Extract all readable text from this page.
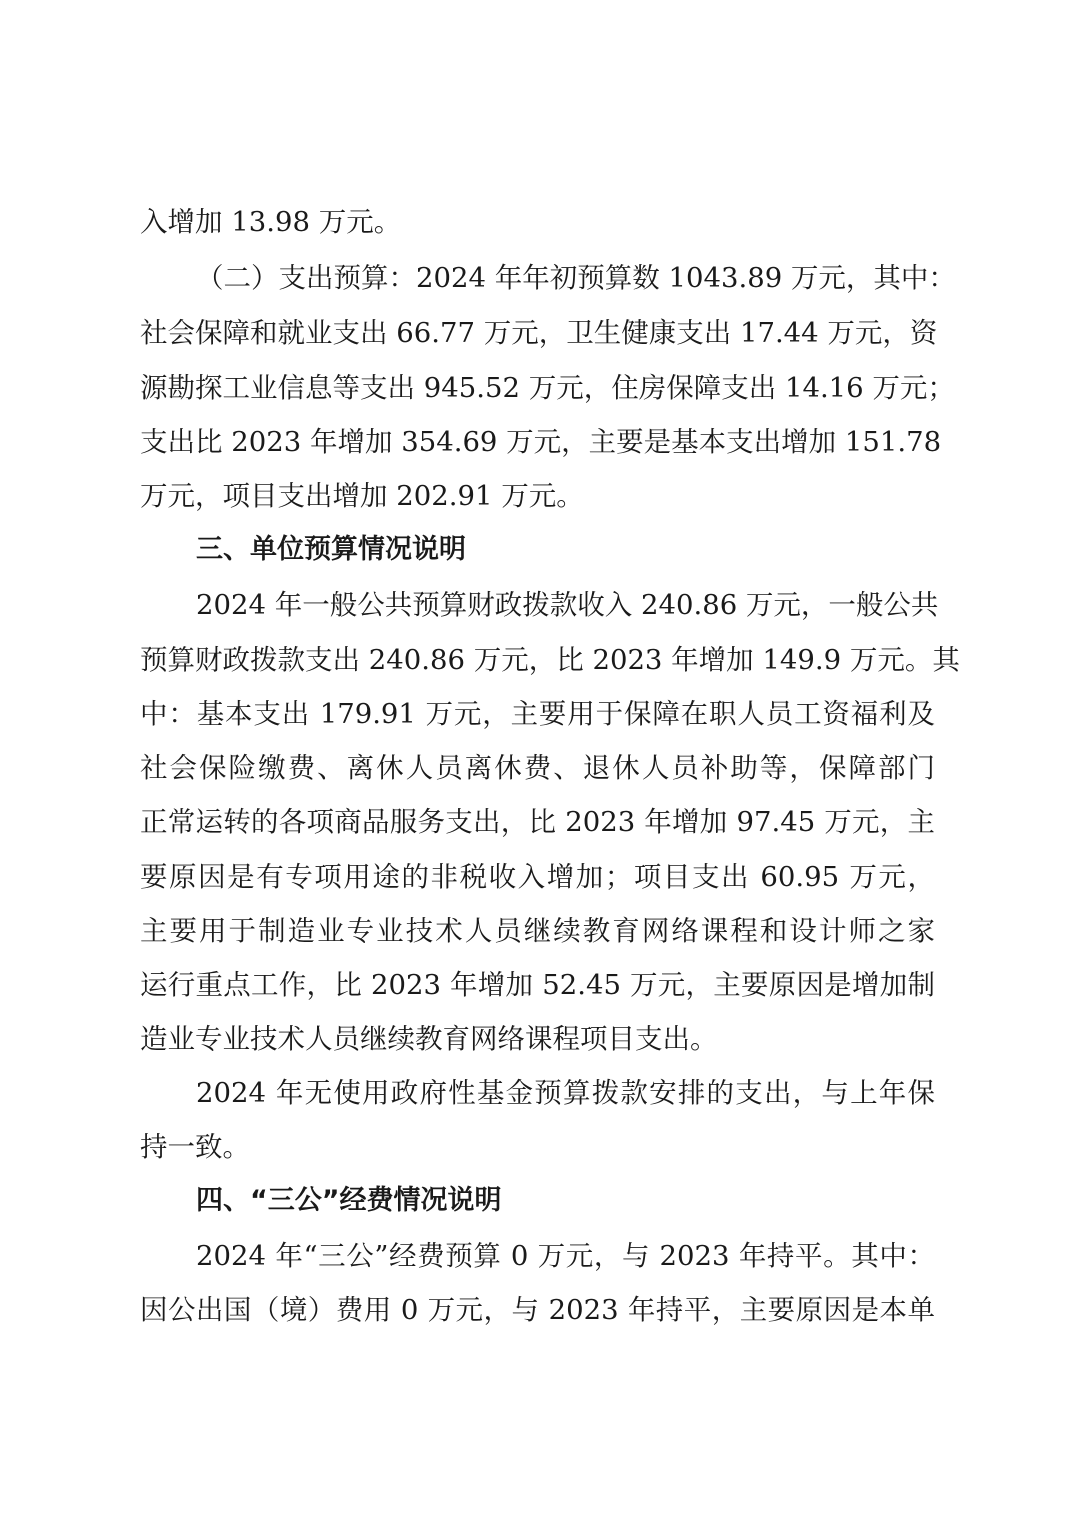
入增加 13.98 万元。

（二）支出预算：2024 年年初预算数 1043.89 万元，其中：

社会保障和就业支出 66.77 万元，卫生健康支出 17.44 万元，资

源勘探工业信息等支出 945.52 万元，住房保障支出 14.16 万元；

支出比 2023 年增加 354.69 万元，主要是基本支出增加 151.78

万元，项目支出增加 202.91 万元。

三、单位预算情况说明

2024 年一般公共预算财政拨款收入 240.86 万元，一般公共

预算财政拨款支出 240.86 万元，比 2023 年增加 149.9 万元。其

中：基本支出 179.91 万元，主要用于保障在职人员工资福利及

社会保险缴费、离休人员离休费、退休人员补助等，保障部门

正常运转的各项商品服务支出，比 2023 年增加 97.45 万元，主

要原因是有专项用途的非税收入增加；项目支出 60.95 万元，

主要用于制造业专业技术人员继续教育网络课程和设计师之家

运行重点工作，比 2023 年增加 52.45 万元，主要原因是增加制

造业专业技术人员继续教育网络课程项目支出。

2024 年无使用政府性基金预算拨款安排的支出，与上年保

持一致。

四、“三公”经费情况说明

2024 年“三公”经费预算 0 万元，与 2023 年持平。其中：

因公出国（境）费用 0 万元，与 2023 年持平，主要原因是本单
